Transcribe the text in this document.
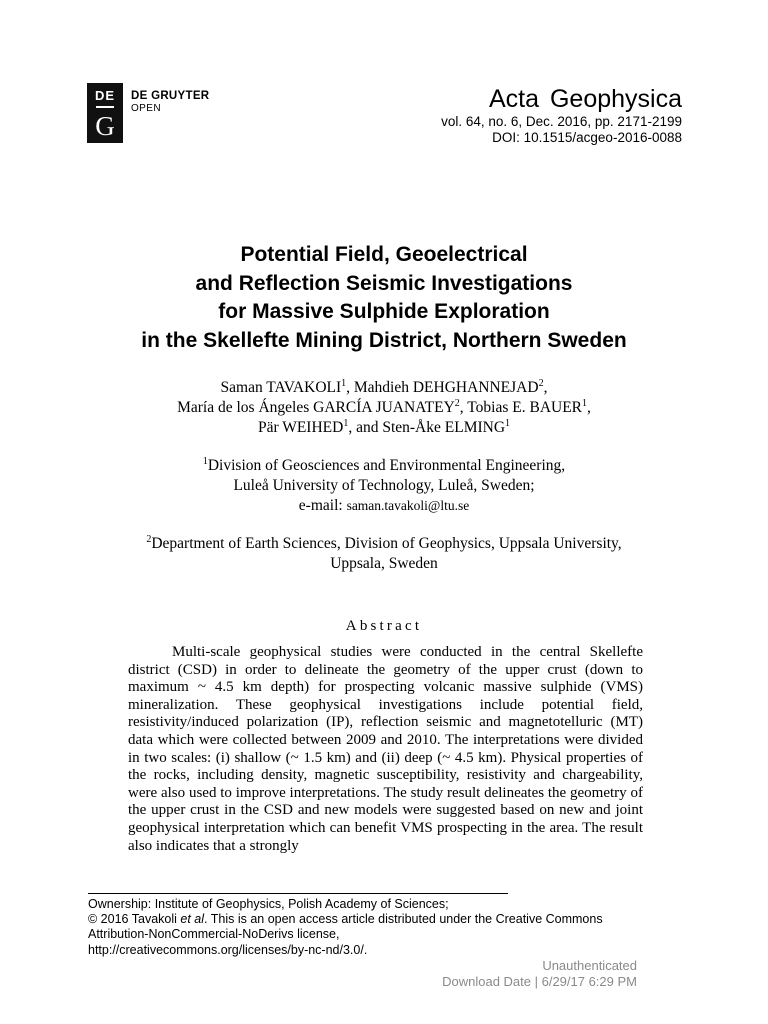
DE
G
DE GRUYTER
OPEN	Acta Geophysica
vol. 64, no. 6, Dec. 2016, pp. 2171-2199
DOI: 10.1515/acgeo-2016-0088
Potential Field, Geoelectrical
and Reflection Seismic Investigations
for Massive Sulphide Exploration
in the Skellefte Mining District, Northern Sweden
Saman TAVAKOLI$^1$, Mahdieh DEHGHANNEJAD$^2$,
María de los Ángeles GARCÍA JUANATEY$^2$, Tobias E. BAUER$^1$,
Pär WEIHED$^1$, and Sten-Åke ELMING$^1$
$^1$Division of Geosciences and Environmental Engineering,
Luleå University of Technology, Luleå, Sweden;
e-mail: saman.tavakoli@ltu.se
$^2$Department of Earth Sciences, Division of Geophysics, Uppsala University,
Uppsala, Sweden
Abstract

Multi-scale geophysical studies were conducted in the central Skellefte district (CSD) in order to delineate the geometry of the upper crust (down to maximum ~ 4.5 km depth) for prospecting volcanic massive sulphide (VMS) mineralization. These geophysical investigations include potential field, resistivity/induced polarization (IP), reflection seismic and magnetotelluric (MT) data which were collected between 2009 and 2010. The interpretations were divided in two scales: (i) shallow (~ 1.5 km) and (ii) deep (~ 4.5 km). Physical properties of the rocks, including density, magnetic susceptibility, resistivity and chargeability, were also used to improve interpretations. The study result delineates the geometry of the upper crust in the CSD and new models were suggested based on new and joint geophysical interpretation which can benefit VMS prospecting in the area. The result also indicates that a strongly

Ownership: Institute of Geophysics, Polish Academy of Sciences;
© 2016 Tavakoli et al. This is an open access article distributed under the Creative Commons
Attribution-NonCommercial-NoDerivs license,
http://creativecommons.org/licenses/by-nc-nd/3.0/.
Unauthenticated
Download Date | 6/29/17 6:29 PM
